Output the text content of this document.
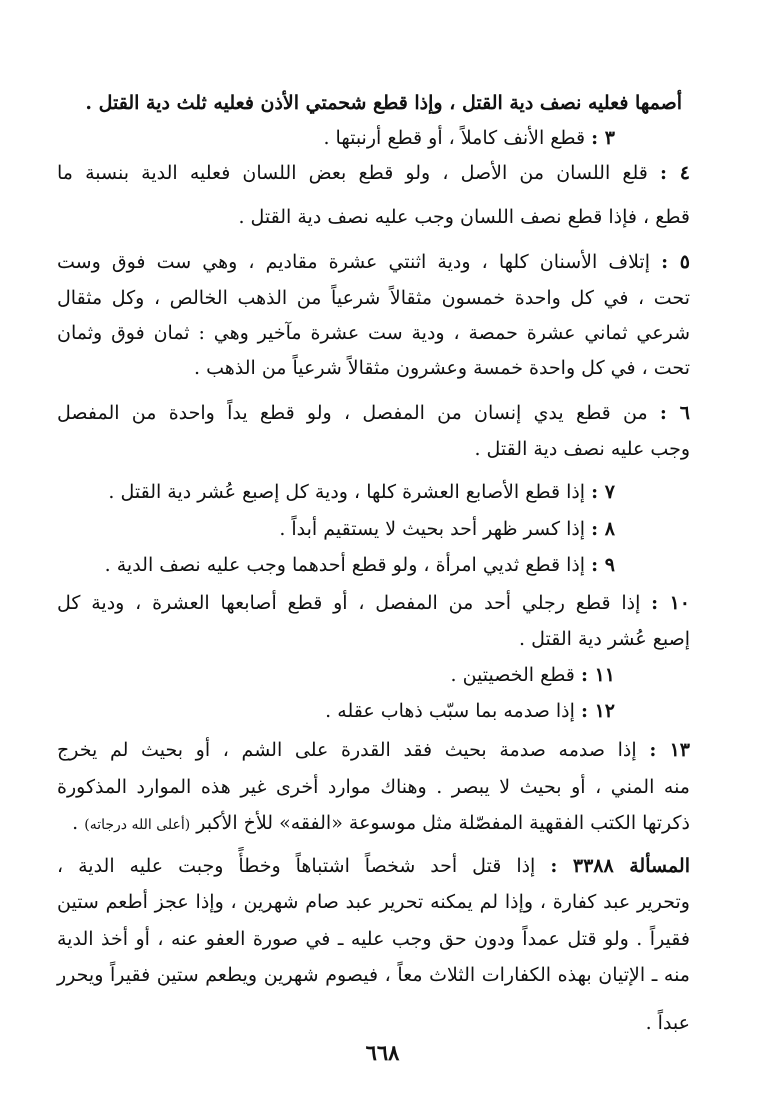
أصمها فعليه نصف دية القتل ، وإذا قطع شحمتي الأذن فعليه ثلث دية القتل .
٣ : قطع الأنف كاملاً ، أو قطع أرنبتها .
٤ : قلع اللسان من الأصل ، ولو قطع بعض اللسان فعليه الدية بنسبة ما
قطع ، فإذا قطع نصف اللسان وجب عليه نصف دية القتل .
٥ : إتلاف الأسنان كلها ، ودية اثنتي عشرة مقاديم ، وهي ست فوق وست
تحت ، في كل واحدة خمسون مثقالاً شرعياً من الذهب الخالص ، وكل مثقال
شرعي ثماني عشرة حمصة ، ودية ست عشرة مآخير وهي : ثمان فوق وثمان
تحت ، في كل واحدة خمسة وعشرون مثقالاً شرعياً من الذهب .
٦ : من قطع يدي إنسان من المفصل ، ولو قطع يداً واحدة من المفصل
وجب عليه نصف دية القتل .
٧ : إذا قطع الأصابع العشرة كلها ، ودية كل إصبع عُشر دية القتل .
٨ : إذا كسر ظهر أحد بحيث لا يستقيم أبداً .
٩ : إذا قطع ثديي امرأة ، ولو قطع أحدهما وجب عليه نصف الدية .
١٠ : إذا قطع رجلي أحد من المفصل ، أو قطع أصابعها العشرة ، ودية كل
إصبع عُشر دية القتل .
١١ : قطع الخصيتين .
١٢ : إذا صدمه بما سبّب ذهاب عقله .
١٣ : إذا صدمه صدمة بحيث فقد القدرة على الشم ، أو بحيث لم يخرج
منه المني ، أو بحيث لا يبصر . وهناك موارد أخرى غير هذه الموارد المذكورة
ذكرتها الكتب الفقهية المفصّلة مثل موسوعة «الفقه» للأخ الأكبر (أعلى الله درجاته) .
المسألة ٣٣٨٨ : إذا قتل أحد شخصاً اشتباهاً وخطأً وجبت عليه الدية ،
وتحرير عبد كفارة ، وإذا لم يمكنه تحرير عبد صام شهرين ، وإذا عجز أطعم ستين
فقيراً . ولو قتل عمداً ودون حق وجب عليه ـ في صورة العفو عنه ، أو أخذ الدية
منه ـ الإتيان بهذه الكفارات الثلاث معاً ، فيصوم شهرين ويطعم ستين فقيراً ويحرر
عبداً .
٦٦٨
